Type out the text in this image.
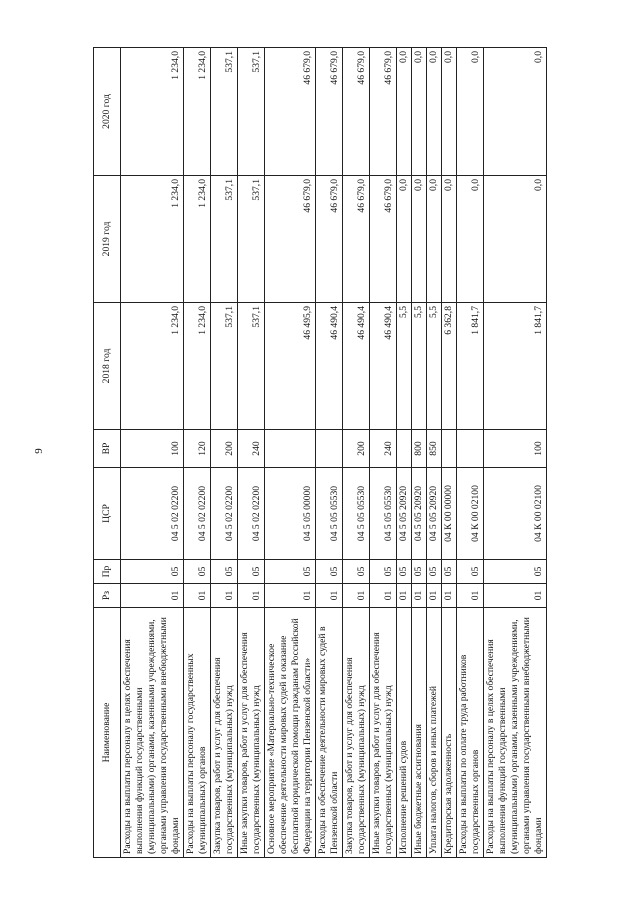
9
Наименование	Рз	Пр	ЦСР	ВР	2018 год	2019 год	2020 год
Расходы на выплаты персоналу в целях обеспечения выполнения функций государственными (муниципальными) органами, казенными учреждениями, органами управления государственными внебюджетными фондами	01	05	04 5 02 02200	100	1 234,0	1 234,0	1 234,0
Расходы на выплаты персоналу государственных (муниципальных) органов	01	05	04 5 02 02200	120	1 234,0	1 234,0	1 234,0
Закупка товаров, работ и услуг для обеспечения государственных (муниципальных) нужд	01	05	04 5 02 02200	200	537,1	537,1	537,1
Иные закупки товаров, работ и услуг для обеспечения государственных (муниципальных) нужд	01	05	04 5 02 02200	240	537,1	537,1	537,1
Основное мероприятие «Материально-техническое обеспечение деятельности мировых судей и оказание бесплатной юридической помощи гражданам Российской Федерации на территории Пензенской области»	01	05	04 5 05 00000		46 495,9	46 679,0	46 679,0
Расходы на обеспечение деятельности мировых судей в Пензенской области	01	05	04 5 05 05530		46 490,4	46 679,0	46 679,0
Закупка товаров, работ и услуг для обеспечения государственных (муниципальных) нужд	01	05	04 5 05 05530	200	46 490,4	46 679,0	46 679,0
Иные закупки товаров, работ и услуг для обеспечения государственных (муниципальных) нужд	01	05	04 5 05 05530	240	46 490,4	46 679,0	46 679,0
Исполнение решений судов	01	05	04 5 05 20920		5,5	0,0	0,0
Иные бюджетные ассигнования	01	05	04 5 05 20920	800	5,5	0,0	0,0
Уплата налогов, сборов и иных платежей	01	05	04 5 05 20920	850	5,5	0,0	0,0
Кредиторская задолженность	01	05	04 К 00 00000		6 362,8	0,0	0,0
Расходы на выплаты по оплате труда работников государственных органов	01	05	04 К 00 02100		1 841,7	0,0	0,0
Расходы на выплаты персоналу в целях обеспечения выполнения функций государственными (муниципальными) органами, казенными учреждениями, органами управления государственными внебюджетными фондами	01	05	04 К 00 02100	100	1 841,7	0,0	0,0
